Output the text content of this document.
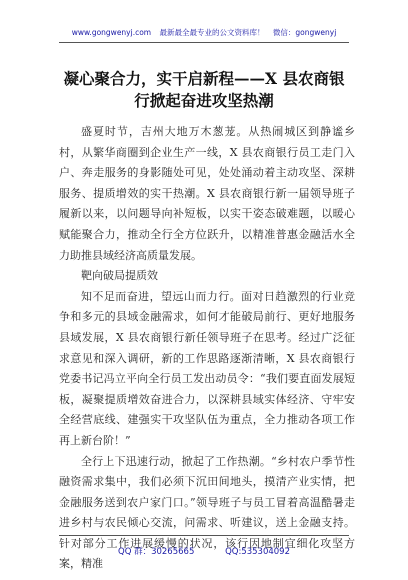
www.gongwenyj.com 最新最全最专业的公文资料库！ 微信：gongwenyj
凝心聚合力，实干启新程——X 县农商银
行掀起奋进攻坚热潮

盛夏时节，吉州大地万木葱茏。从热闹城区到静谧乡村，从繁华商圈到企业生产一线，X 县农商银行员工走门入户、奔走服务的身影随处可见，处处涌动着主动攻坚、深耕服务、提质增效的实干热潮。X 县农商银行新一届领导班子履新以来，以问题导向补短板，以实干姿态破难题，以暖心赋能聚合力，推动全行全方位跃升，以精准普惠金融活水全力助推县域经济高质量发展。

靶向破局提质效

知不足而奋进，望远山而力行。面对日趋激烈的行业竞争和多元的县域金融需求，如何才能破局前行、更好地服务县域发展，X 县农商银行新任领导班子在思考。经过广泛征求意见和深入调研，新的工作思路逐渐清晰，X 县农商银行党委书记冯立平向全行员工发出动员令：“我们要直面发展短板，凝聚提质增效奋进合力，以深耕县域实体经济、守牢安全经营底线、建强实干攻坚队伍为重点，全力推动各项工作再上新台阶！”

全行上下迅速行动，掀起了工作热潮。“乡村农户季节性融资需求集中，我们必须下沉田间地头，摸清产业实情，把金融服务送到农户家门口。”领导班子与员工冒着高温酷暑走进乡村与农民倾心交流，问需求、听建议，送上金融支持。针对部分工作进展缓慢的状况，该行因地制宜细化攻坚方案，精准

QQ 群：30265665	QQ:535304092
